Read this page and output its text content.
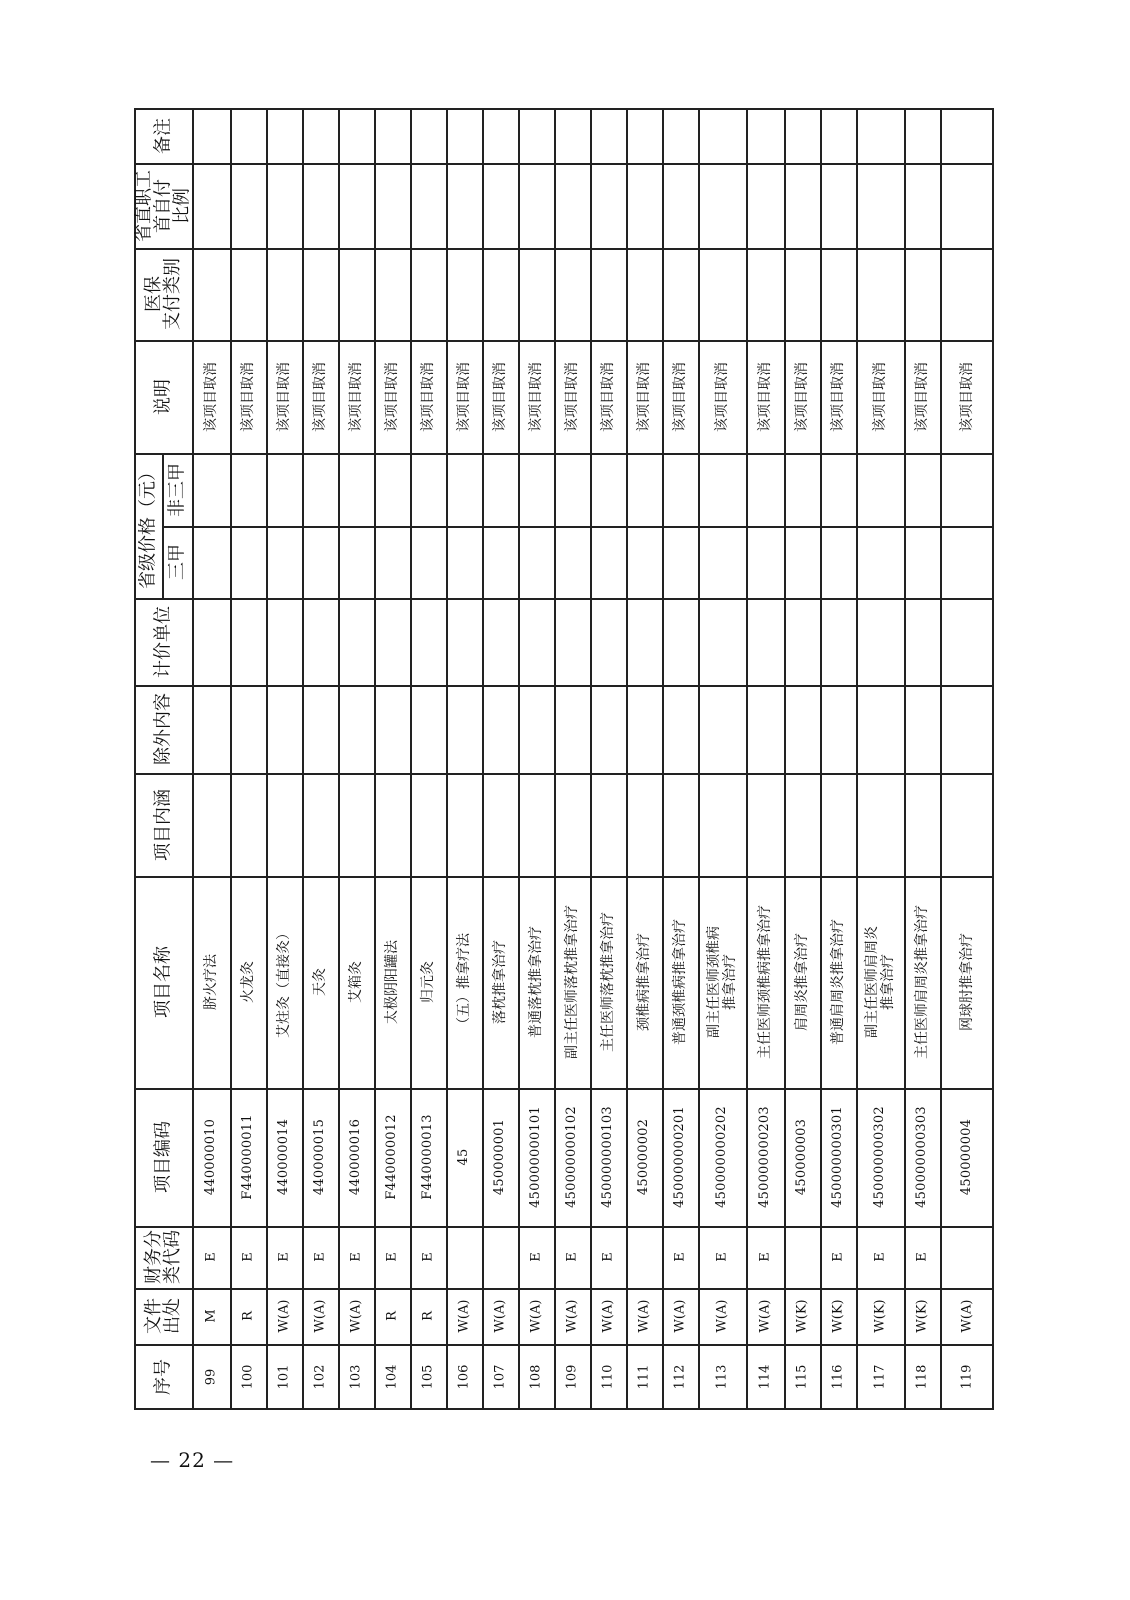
备注
省直职工
首自付
比例
医保
支付类别
说明
省级价格（元） 非三甲
三甲
计价单位
除外内容
项目内涵
项目名称
项目编码
财务分
类代码
文件
出处
序号 99
M
E
440000010
脐火疗法
该项目取消
100
R
E
F440000011
火龙灸
该项目取消
101
W(A)
E
440000014
艾炷灸（直接灸）
该项目取消
102
W(A)
E
440000015
天灸
该项目取消
103
W(A)
E
440000016
艾箱灸
该项目取消
104
R
E
F440000012
太极阴阳罐法
该项目取消
105
R
E
F440000013
归元灸
该项目取消
106
W(A)
45
（五）推拿疗法
该项目取消
107
W(A)
450000001
落枕推拿治疗
该项目取消
108
W(A)
E
450000000101
普通落枕推拿治疗
该项目取消
109
W(A)
E
450000000102
副主任医师落枕推拿治疗
该项目取消
110
W(A)
E
450000000103
主任医师落枕推拿治疗
该项目取消
111
W(A)
450000002
颈椎病推拿治疗
该项目取消
112
W(A)
E
450000000201
普通颈椎病推拿治疗
该项目取消
113
W(A)
E
450000000202
副主任医师颈椎病
推拿治疗
该项目取消
114
W(A)
E
450000000203
主任医师颈椎病推拿治疗
该项目取消
115
W(K)
450000003
肩周炎推拿治疗
该项目取消
116
W(K)
E
450000000301
普通肩周炎推拿治疗
该项目取消
117
W(K)
E
450000000302
副主任医师肩周炎
推拿治疗
该项目取消
118
W(K)
E
450000000303
主任医师肩周炎推拿治疗
该项目取消
119
W(A)
450000004
网球肘推拿治疗
该项目取消
— 22 —
